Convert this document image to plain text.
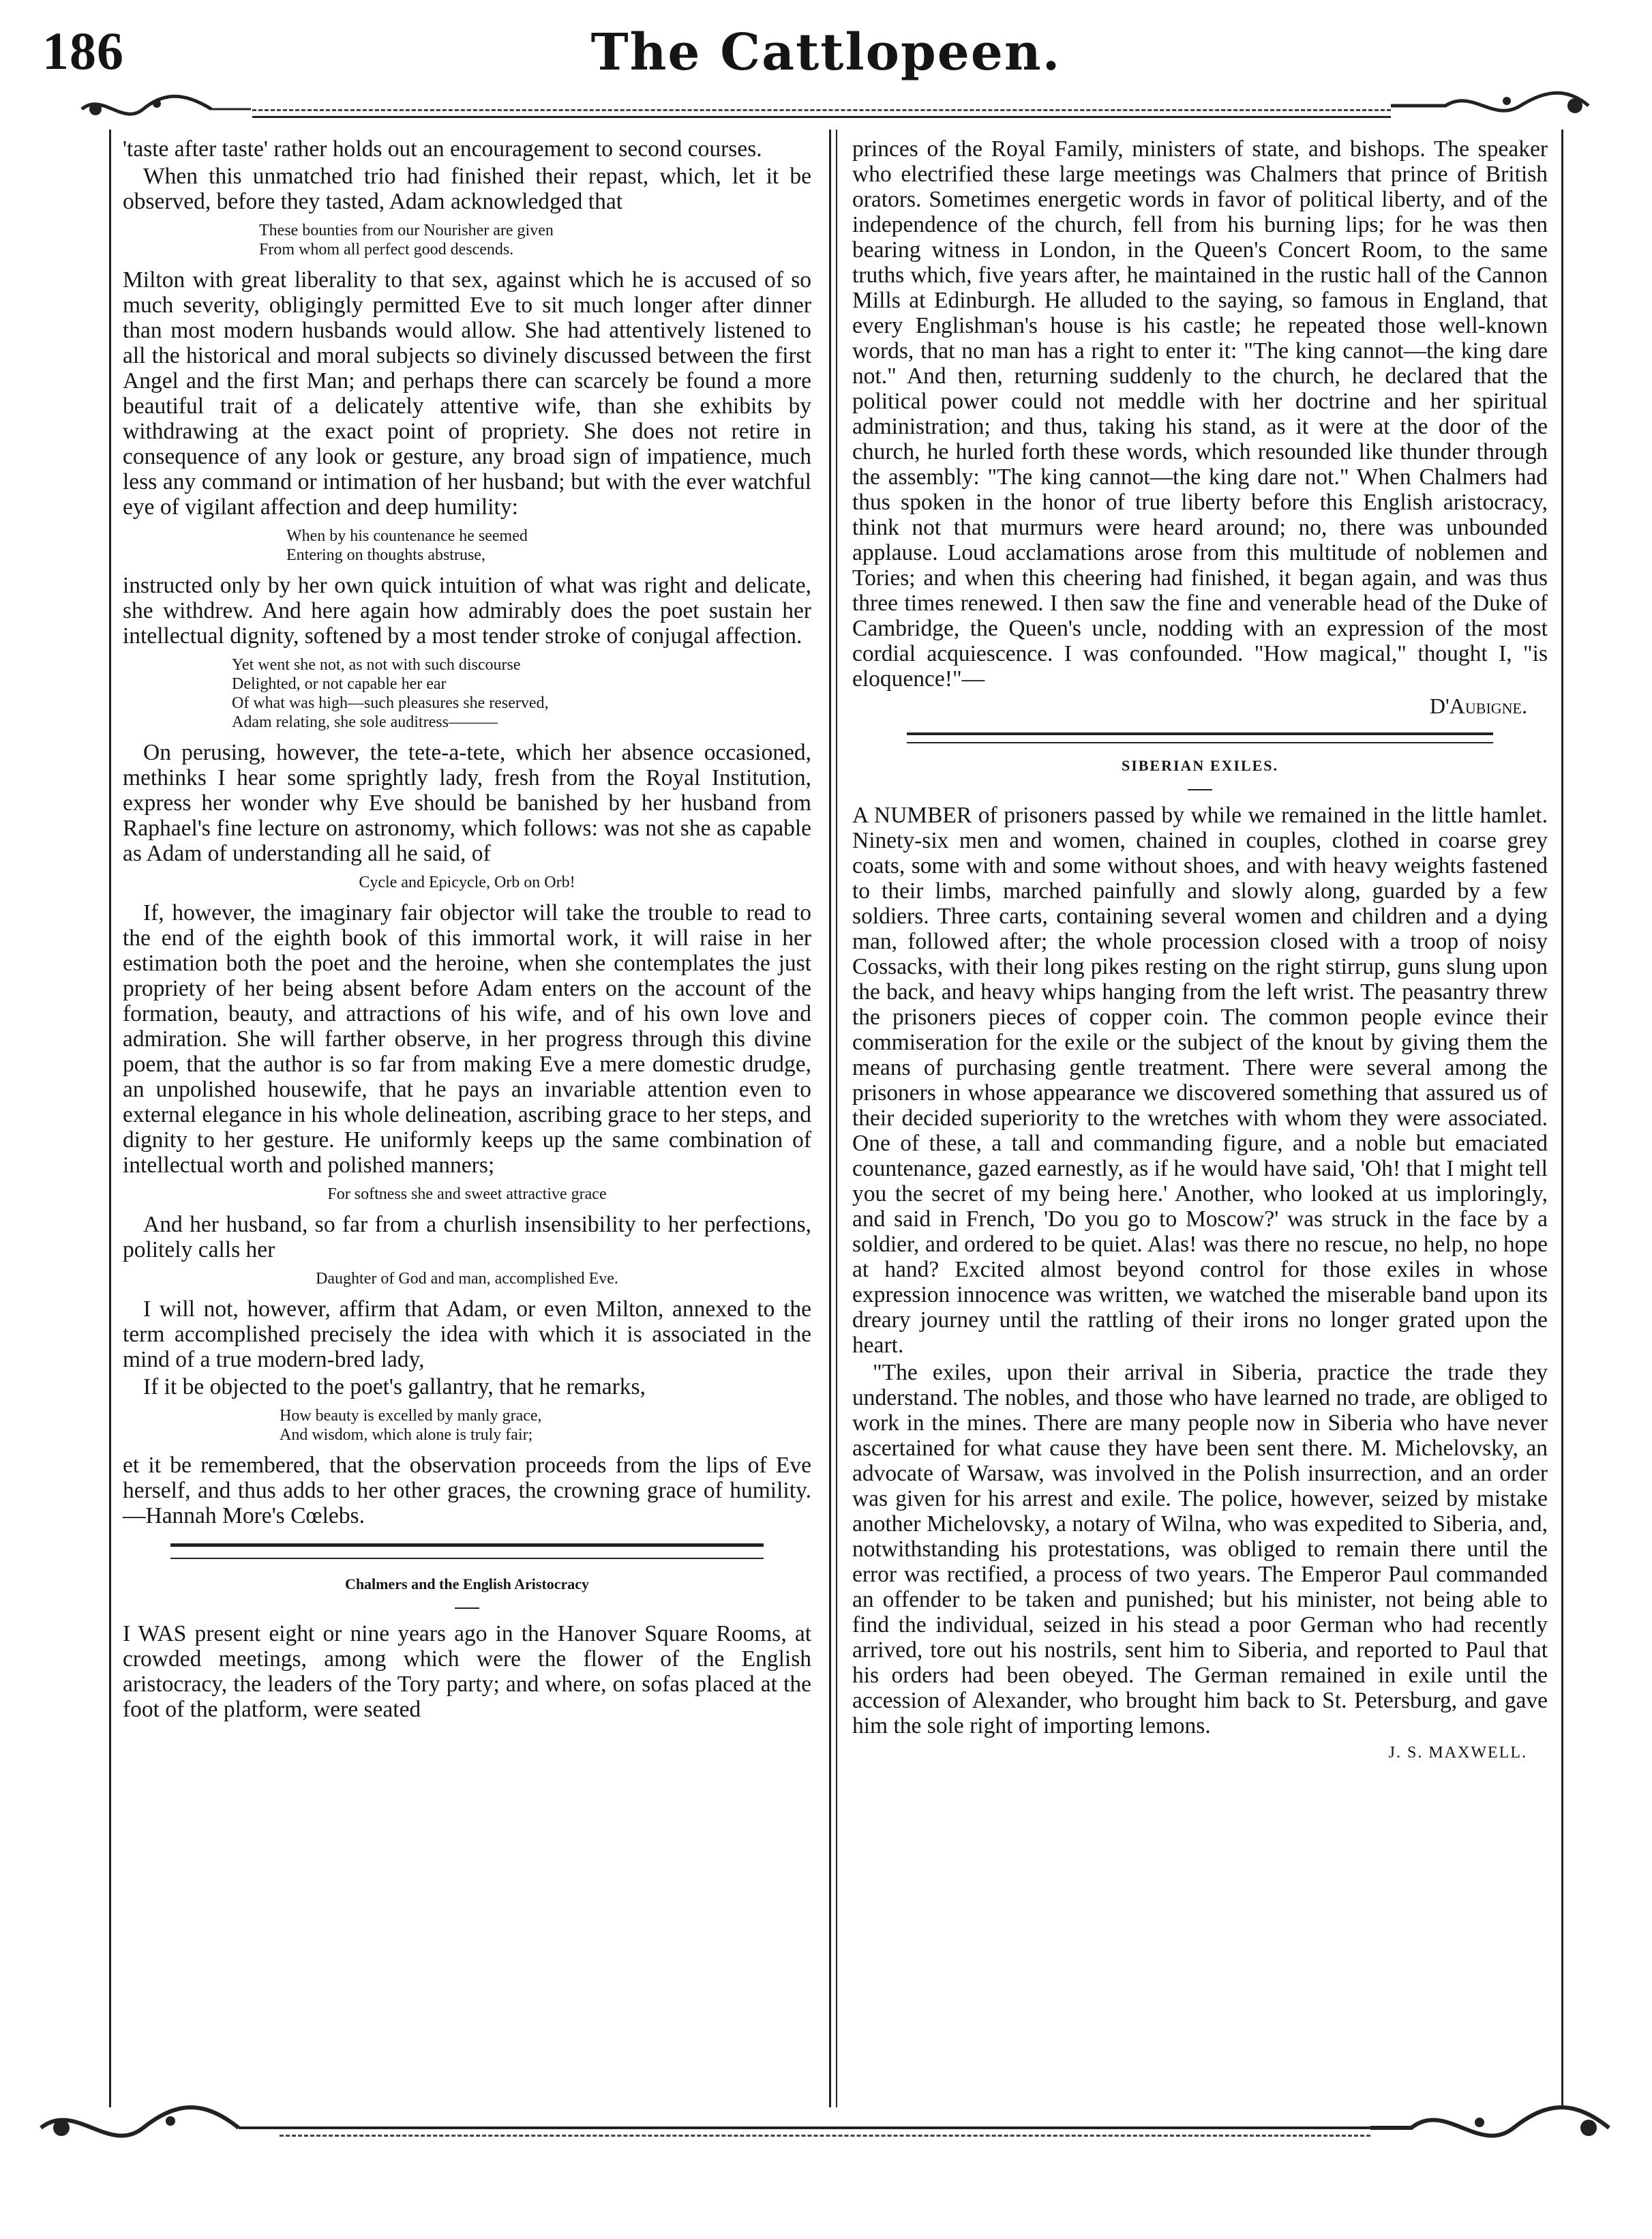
186	The Cattlopeen.

'taste after taste' rather holds out an encouragement to second courses.

When this unmatched trio had finished their repast, which, let it be observed, before they tasted, Adam acknowledged that

These bounties from our Nourisher are given
From whom all perfect good descends.

Milton with great liberality to that sex, against which he is accused of so much severity, obligingly permitted Eve to sit much longer after dinner than most modern husbands would allow. She had attentively listened to all the historical and moral subjects so divinely discussed between the first Angel and the first Man; and perhaps there can scarcely be found a more beautiful trait of a delicately attentive wife, than she exhibits by withdrawing at the exact point of propriety. She does not retire in consequence of any look or gesture, any broad sign of impatience, much less any command or intimation of her husband; but with the ever watchful eye of vigilant affection and deep humility:

When by his countenance he seemed
Entering on thoughts abstruse,

instructed only by her own quick intuition of what was right and delicate, she withdrew. And here again how admirably does the poet sustain her intellectual dignity, softened by a most tender stroke of conjugal affection.

Yet went she not, as not with such discourse
Delighted, or not capable her ear
Of what was high—such pleasures she reserved,
Adam relating, she sole auditress———

On perusing, however, the tete-a-tete, which her absence occasioned, methinks I hear some sprightly lady, fresh from the Royal Institution, express her wonder why Eve should be banished by her husband from Raphael's fine lecture on astronomy, which follows: was not she as capable as Adam of understanding all he said, of

Cycle and Epicycle, Orb on Orb!

If, however, the imaginary fair objector will take the trouble to read to the end of the eighth book of this immortal work, it will raise in her estimation both the poet and the heroine, when she contemplates the just propriety of her being absent before Adam enters on the account of the formation, beauty, and attractions of his wife, and of his own love and admiration. She will farther observe, in her progress through this divine poem, that the author is so far from making Eve a mere domestic drudge, an unpolished housewife, that he pays an invariable attention even to external elegance in his whole delineation, ascribing grace to her steps, and dignity to her gesture. He uniformly keeps up the same combination of intellectual worth and polished manners;

For softness she and sweet attractive grace

And her husband, so far from a churlish insensibility to her perfections, politely calls her

Daughter of God and man, accomplished Eve.

I will not, however, affirm that Adam, or even Milton, annexed to the term accomplished precisely the idea with which it is associated in the mind of a true modern-bred lady,

If it be objected to the poet's gallantry, that he remarks,

How beauty is excelled by manly grace,
And wisdom, which alone is truly fair;

et it be remembered, that the observation proceeds from the lips of Eve herself, and thus adds to her other graces, the crowning grace of humility.—Hannah More's Cœlebs.

Chalmers and the English Aristocracy

I WAS present eight or nine years ago in the Hanover Square Rooms, at crowded meetings, among which were the flower of the English aristocracy, the leaders of the Tory party; and where, on sofas placed at the foot of the platform, were seated

princes of the Royal Family, ministers of state, and bishops. The speaker who electrified these large meetings was Chalmers that prince of British orators. Sometimes energetic words in favor of political liberty, and of the independence of the church, fell from his burning lips; for he was then bearing witness in London, in the Queen's Concert Room, to the same truths which, five years after, he maintained in the rustic hall of the Cannon Mills at Edinburgh. He alluded to the saying, so famous in England, that every Englishman's house is his castle; he repeated those well-known words, that no man has a right to enter it: "The king cannot—the king dare not." And then, returning suddenly to the church, he declared that the political power could not meddle with her doctrine and her spiritual administration; and thus, taking his stand, as it were at the door of the church, he hurled forth these words, which resounded like thunder through the assembly: "The king cannot—the king dare not." When Chalmers had thus spoken in the honor of true liberty before this English aristocracy, think not that murmurs were heard around; no, there was unbounded applause. Loud acclamations arose from this multitude of noblemen and Tories; and when this cheering had finished, it began again, and was thus three times renewed. I then saw the fine and venerable head of the Duke of Cambridge, the Queen's uncle, nodding with an expression of the most cordial acquiescence. I was confounded. "How magical," thought I, "is eloquence!"—

D'Aubigne.
SIBERIAN EXILES.

A NUMBER of prisoners passed by while we remained in the little hamlet. Ninety-six men and women, chained in couples, clothed in coarse grey coats, some with and some without shoes, and with heavy weights fastened to their limbs, marched painfully and slowly along, guarded by a few soldiers. Three carts, containing several women and children and a dying man, followed after; the whole procession closed with a troop of noisy Cossacks, with their long pikes resting on the right stirrup, guns slung upon the back, and heavy whips hanging from the left wrist. The peasantry threw the prisoners pieces of copper coin. The common people evince their commiseration for the exile or the subject of the knout by giving them the means of purchasing gentle treatment. There were several among the prisoners in whose appearance we discovered something that assured us of their decided superiority to the wretches with whom they were associated. One of these, a tall and commanding figure, and a noble but emaciated countenance, gazed earnestly, as if he would have said, 'Oh! that I might tell you the secret of my being here.' Another, who looked at us imploringly, and said in French, 'Do you go to Moscow?' was struck in the face by a soldier, and ordered to be quiet. Alas! was there no rescue, no help, no hope at hand? Excited almost beyond control for those exiles in whose expression innocence was written, we watched the miserable band upon its dreary journey until the rattling of their irons no longer grated upon the heart.

"The exiles, upon their arrival in Siberia, practice the trade they understand. The nobles, and those who have learned no trade, are obliged to work in the mines. There are many people now in Siberia who have never ascertained for what cause they have been sent there. M. Michelovsky, an advocate of Warsaw, was involved in the Polish insurrection, and an order was given for his arrest and exile. The police, however, seized by mistake another Michelovsky, a notary of Wilna, who was expedited to Siberia, and, notwithstanding his protestations, was obliged to remain there until the error was rectified, a process of two years. The Emperor Paul commanded an offender to be taken and punished; but his minister, not being able to find the individual, seized in his stead a poor German who had recently arrived, tore out his nostrils, sent him to Siberia, and reported to Paul that his orders had been obeyed. The German remained in exile until the accession of Alexander, who brought him back to St. Petersburg, and gave him the sole right of importing lemons.

J. S. MAXWELL.
